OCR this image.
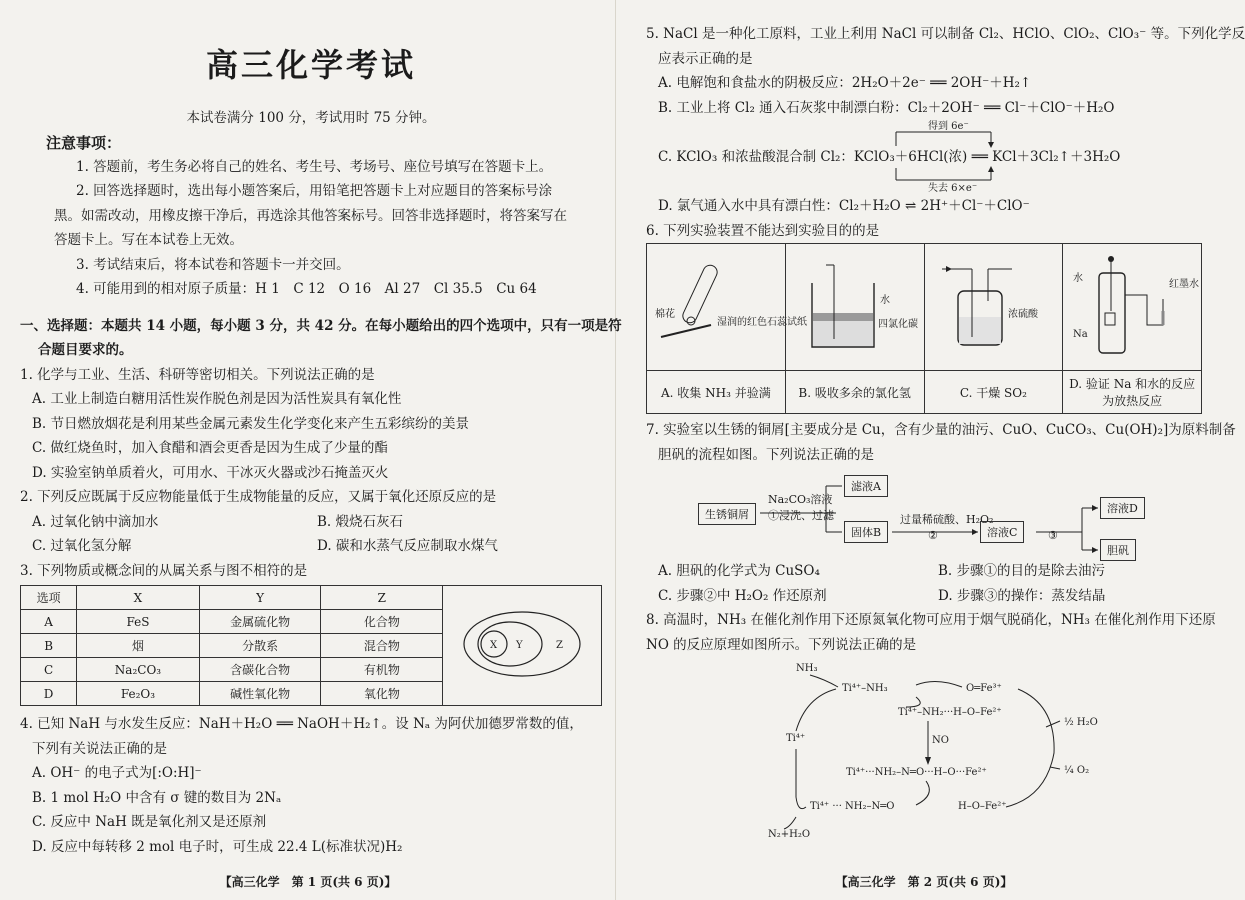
高三化学考试
本试卷满分 100 分，考试用时 75 分钟。
注意事项：
1. 答题前，考生务必将自己的姓名、考生号、考场号、座位号填写在答题卡上。
2. 回答选择题时，选出每小题答案后，用铅笔把答题卡上对应题目的答案标号涂
黑。如需改动，用橡皮擦干净后，再选涂其他答案标号。回答非选择题时，将答案写在
答题卡上。写在本试卷上无效。
3. 考试结束后，将本试卷和答题卡一并交回。
4. 可能用到的相对原子质量：H 1　C 12　O 16　Al 27　Cl 35.5　Cu 64
一、选择题：本题共 14 小题，每小题 3 分，共 42 分。在每小题给出的四个选项中，只有一项是符
合题目要求的。
1. 化学与工业、生活、科研等密切相关。下列说法正确的是
A. 工业上制造白糖用活性炭作脱色剂是因为活性炭具有氧化性
B. 节日燃放烟花是利用某些金属元素发生化学变化来产生五彩缤纷的美景
C. 做红烧鱼时，加入食醋和酒会更香是因为生成了少量的酯
D. 实验室钠单质着火，可用水、干冰灭火器或沙石掩盖灭火
2. 下列反应既属于反应物能量低于生成物能量的反应，又属于氧化还原反应的是
A. 过氧化钠中滴加水	B. 煅烧石灰石
C. 过氧化氢分解	D. 碳和水蒸气反应制取水煤气
3. 下列物质或概念间的从属关系与图不相符的是
选项	X	Y	Z	X Y Z

A	FeS	金属硫化物	化合物	
B	烟	分散系	混合物	
C	Na₂CO₃	含碳化合物	有机物	
D	Fe₂O₃	碱性氧化物	氧化物	
4. 已知 NaH 与水发生反应：NaH＋H₂O ══ NaOH＋H₂↑。设 Nₐ 为阿伏加德罗常数的值，
下列有关说法正确的是
A. OH⁻ 的电子式为[:O:H]⁻
B. 1 mol H₂O 中含有 σ 键的数目为 2Nₐ
C. 反应中 NaH 既是氧化剂又是还原剂
D. 反应中每转移 2 mol 电子时，可生成 22.4 L(标准状况)H₂
【高三化学　第 1 页(共 6 页)】
5. NaCl 是一种化工原料，工业上利用 NaCl 可以制备 Cl₂、HClO、ClO₂、ClO₃⁻ 等。下列化学反
应表示正确的是
A. 电解饱和食盐水的阴极反应：2H₂O＋2e⁻ ══ 2OH⁻＋H₂↑
B. 工业上将 Cl₂ 通入石灰浆中制漂白粉：Cl₂＋2OH⁻ ══ Cl⁻＋ClO⁻＋H₂O
得到 6e⁻
失去 6×e⁻
C. KClO₃ 和浓盐酸混合制 Cl₂：KClO₃＋6HCl(浓) ══ KCl＋3Cl₂↑＋3H₂O
D. 氯气通入水中具有漂白性：Cl₂＋H₂O ⇌ 2H⁺＋Cl⁻＋ClO⁻
6. 下列实验装置不能达到实验目的的是
棉花
湿润的红色石蕊试纸	水
四氯化碳	浓硫酸	水
红墨水
Na

A. 收集 NH₃ 并验满	B. 吸收多余的氯化氢	C. 干燥 SO₂	D. 验证 Na 和水的反应为放热反应
7. 实验室以生锈的铜屑[主要成分是 Cu，含有少量的油污、CuO、CuCO₃、Cu(OH)₂]为原料制备
胆矾的流程如图。下列说法正确的是
生锈铜屑
Na₂CO₃溶液
①浸洗、过滤
滤液A
固体B
过量稀硫酸、H₂O₂
②	溶液C	③
溶液D
胆矾
A. 胆矾的化学式为 CuSO₄	B. 步骤①的目的是除去油污
C. 步骤②中 H₂O₂ 作还原剂	D. 步骤③的操作：蒸发结晶
8. 高温时，NH₃ 在催化剂作用下还原氮氧化物可应用于烟气脱硝化，NH₃ 在催化剂作用下还原
NO 的反应原理如图所示。下列说法正确的是
NH₃
Ti⁴⁺–NH₃	O═Fe³⁺
Ti⁴⁺–NH₂···H–O–Fe²⁺
NO
Ti⁴⁺···NH₂–N═O···H–O···Fe²⁺
Ti⁴⁺
Ti⁴⁺ ··· NH₂–N═O	H–O–Fe²⁺
N₂+H₂O
½ H₂O
¼ O₂
【高三化学　第 2 页(共 6 页)】
